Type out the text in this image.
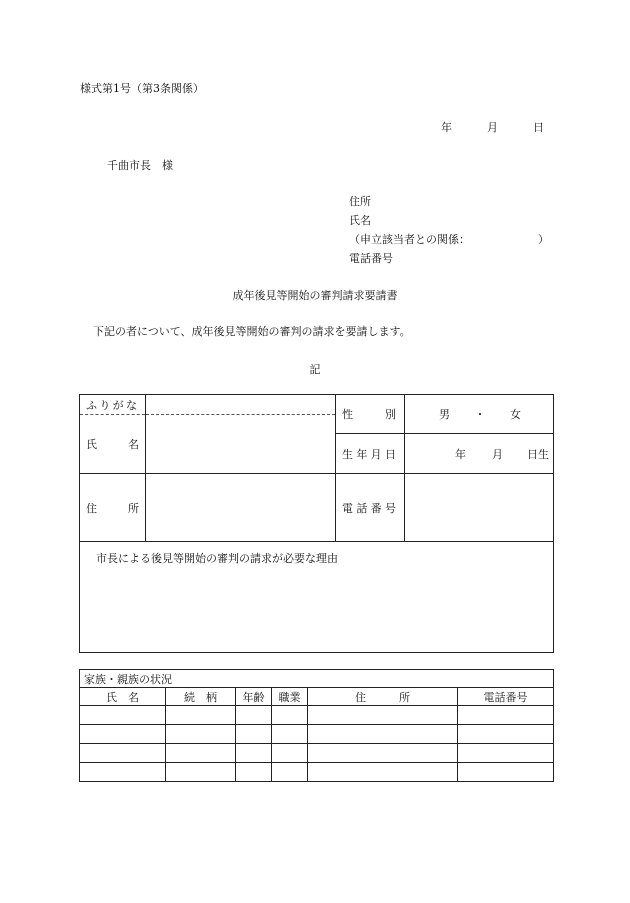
様式第1号（第3条関係）
年	月	日
千曲市長　様
住所
氏名
（申立該当者との関係：	）
電話番号
成年後見等開始の審判請求要請書
下記の者について、成年後見等開始の審判の請求を要請します。
記
ふ り が な		性 別	男 ・ 女

氏 名			

		生 年 月 日	年 月 日生

住 所		電 話 番 号	

市長による後見等開始の審判の請求が必要な理由			
家族・親族の状況					
氏　名	続　柄	年齢	職業	住　　　所	電話番号
